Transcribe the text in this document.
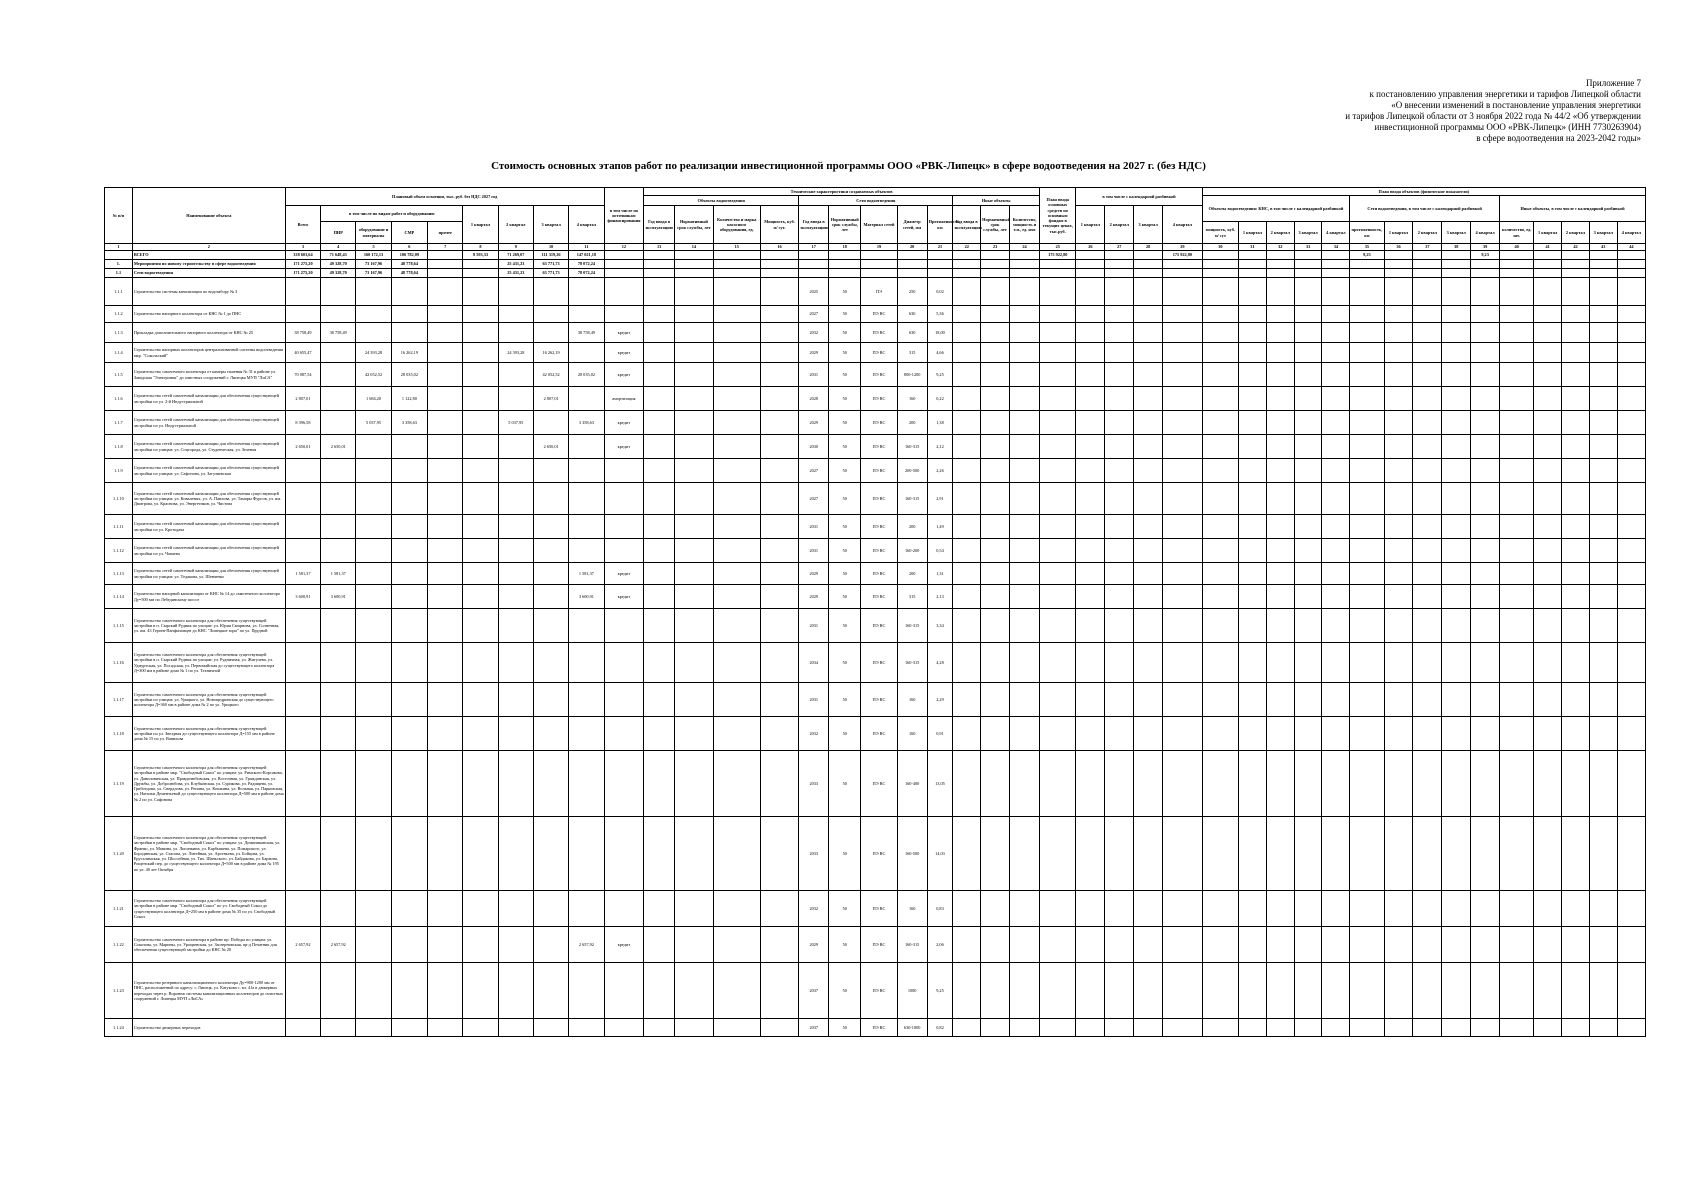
Приложение 7
к постановлению управления энергетики и тарифов Липецкой области
«О внесении изменений в постановление управления энергетики
и тарифов Липецкой области от 3 ноября 2022 года № 44/2 «Об утверждении
инвестиционной программы ООО «РВК-Липецк» (ИНН 7730263904)
в сфере водоотведения на 2023-2042 годы»
Стоимость основных этапов работ по реализации инвестиционной программы ООО «РВК-Липецк» в сфере водоотведения на 2027 г. (без НДС)
№ п/п	Наименование объекта	Плановый объем освоения, тыс. руб. без НДС 2027 год									в том числе по источникам финансирования	Технические характеристики создаваемых объектов												План ввода основных средств по основным фондам в текущих ценах, тыс.руб.	в том числе с календарной разбивкой				План ввода объектов (физические показатели)														
												Объекты водоотведения				Сети водоотведения					Иные объекты								Объекты водоотведения: КНС, в том числе с календарной разбивкой					Сети водоотведения, в том числе с календарной разбивкой					Иные объекты, в том числе с календарной разбивкой				
		Всего	в том числе по видам работ и оборудованию				1 квартал	2 квартал	3 квартал	4 квартал		Год ввода в эксплуатацию	Нормативный срок службы, лет	Количество и марка насосного оборудования, ед.	Мощность, куб. м/ сут.	Год ввода в эксплуатацию	Нормативный срок службы, лет	Материал сетей	Диаметр сетей, мм	Протяженность, км	Год ввода в эксплуатацию	Нормативный срок службы, лет	Количество, мощность и т.п., ед. изм		1 квартал	2 квартал	3 квартал	4 квартал															
			ПИР	оборудование и материалы	СМР	прочее																							мощность, куб. м/ сут	1 квартал	2 квартал	3 квартал	4 квартал	протяженность, км	1 квартал	2 квартал	3 квартал	4 квартал	количество, ед. шт.	1 квартал	2 квартал	3 квартал	4 квартал
1	2	3	4	5	6	7	8	9	10	11	12	13	14	15	16	17	18	19	20	21	22	23	24	25	26	27	28	29	30	31	32	33	34	35	36	37	38	39	40	41	42	43	44
	ВСЕГО	338 603,64	71 648,43	160 172,13	106 782,09		8 593,33	71 269,07	111 319,26	147 021,18														175 922,80				175 922,80						9,23				9,23					
1.	Мероприятия по новому строительству в сфере водоотведения	171 275,20	49 328,70	73 167,96	48 778,64			25 431,23	63 771,73	78 072,24																																	
1.1	Сети водоотведения	171 275,20	49 328,70	73 167,96	48 778,64			25 431,23	63 771,73	78 072,24																																	
1.1.1	Строительство системы канализации по водозабору № 3															2025	50	ПЭ	250	0,02																							
1.1.2	Строительство напорного коллектора от КНС № 1 до ПНС															2027	50	ПЭ RC	630	5,36																							
1.1.3	Прокладка дополнительного напорного коллектора от КНС № 25	38 758,49	38 758,49							38 758,49	кредит					2032	50	ПЭ RC	630	18,00																							
1.1.4	Строительство напорных коллекторов централизованной системы водоотведения мкр. "Сокольский"	40 655,47		24 393,28	16 262,19			24 393,28	16 262,19		кредит					2029	50	ПЭ RC	315	4,66																							
1.1.5	Строительство самотечного коллектора от камеры гашения № 31 в районе ул. Заводская "Электроник" до очистных сооружений г. Липецка МУП "ЛиСА"	70 087,54		42 052,52	28 035,02				42 052,52	28 035,02	кредит					2031	50	ПЭ RC	800-1200	9,25																							
1.1.6	Строительство сетей самотечной канализации для обеспечения существующей застройки по ул. 2-й Индустриальной	2 807,01		1 684,20	1 122,80				2 807,01		амортизация					2028	50	ПЭ RC	160	0,22																							
1.1.7	Строительство сетей самотечной канализации для обеспечения существующей застройки по ул. Индустриальной	8 396,58		5 037,95	3 358,63			5 037,95		3 358,63	кредит					2029	50	ПЭ RC	200	1,38																							
1.1.8	Строительство сетей самотечной канализации для обеспечения существующей застройки по улицам: ул. Соцгорода, ул. Студенческая, ул. Зеленая	2 650,01	2 650,01						2 650,01		кредит					2030	50	ПЭ RC	160-315	2,12																							
1.1.9	Строительство сетей самотечной канализации для обеспечения существующей застройки по улицам: ул. Сафонова, ул. Загуляевская															2027	50	ПЭ RC	200-500	2,26																							
1.1.10	Строительство сетей самотечной канализации для обеспечения существующей застройки по улицам: ул. Ковалевых, ул. А. Павлова, ул. Тамары Фурсов, ул. им. Дмитрова, ул. Краснова, ул. Энергетиков, ул. Чистова															2027	50	ПЭ RC	160-315	2,91																							
1.1.11	Строительство сетей самотечной канализации для обеспечения существующей застройки по ул. Кротодача															2031	50	ПЭ RC	200	1,49																							
1.1.12	Строительство сетей самотечной канализации для обеспечения существующей застройки по ул. Чапаева															2031	50	ПЭ RC	160-200	0,54																							
1.1.13	Строительство сетей самотечной канализации для обеспечения существующей застройки по улицам: ул. Тедакова, ул. Шевченко	1 581,37	1 581,37							1 581,37	кредит					2029	50	ПЭ RC	200	1,31																							
1.1.14	Строительство напорной канализации от КНС № 14 до самотечного коллектора Ду=500 мм по Лебедянскому шоссе	3 600,91	3 600,91							3 600,91	кредит					2029	50	ПЭ RC	315	2,13																							
1.1.15	Строительство самотечного коллектора для обеспечения существующей застройки в п. Сырский Рудник по улицам: ул. Юрия Смирнова, ул. Солнечная, ул. им. 43 Героев-Панфиловцев до КНС "Липецкие зори" по ул. Прудной															2031	50	ПЭ RC	160-315	3,34																							
1.1.16	Строительство самотечного коллектора для обеспечения существующей застройки в п. Сырский Рудник по улицам: ул. Рудничная, ул. Жигулева, ул. Удмуртская, ул. Посадская, ул. Первомайская до существующего коллектора Д=300 мм в районе дома № 1 по ул. Техничной															2034	50	ПЭ RC	160-315	4,28																							
1.1.17	Строительство самотечного коллектора для обеспечения существующей застройки по улицам: ул. Урицкого, ул. Новощедринская до существующего коллектора Д=360 мм в районе дома № 2 по ул. Урицкого															2031	50	ПЭ RC	160	2,29																							
1.1.18	Строительство самотечного коллектора для обеспечения существующей застройки по ул. Звездная до существующего коллектора Д=155 мм в районе дома № 15 по ул. Вавилова															2032	50	ПЭ RC	160	0,91																							
1.1.19	Строительство самотечного коллектора для обеспечения существующей застройки в районе мкр. "Свободный Сокол" по улицам: ул. Римского-Корсакова, ул. Даниловичская, ул. Правдолюбовская, ул. Восточная, ул. Гражданская, ул. Дружбы, ул. Добролюбова, ул. Клубковская, ул. Сурикова, ул. Радищева, ул. Грибоедова, ул. Свердлова, ул. Репина, ул. Кошкина, ул. Вольная, ул. Парковская, ул. Натальи Дементьевой до существующего коллектора Д=500 мм в районе дома № 2 по ул. Сафонова															2033	50	ПЭ RC	160-400	13,05																							
1.1.20	Строительство самотечного коллектора для обеспечения существующей застройки в районе мкр. "Свободный Сокол" по улицам: ул. Доминиканская, ул. Франко, ул. Мамина, ул. Лисичкина, ул. Карбышева, ул. Пожарского, ул. Бородинская, ул. Стасова, ул. Литейная, ул. Арсеньева, ул. Бойцова, ул. Ерусалимская, ул. Шоссейная, ул. Тих. Шаньского, ул. Байдакова, ул. Барзина, Рощенский пер. до существующего коллектора Д=500 мм в районе дома № 195 по ул. 40 лет Октября															2033	50	ПЭ RC	160-500	14,03																							
1.1.21	Строительство самотечного коллектора для обеспечения существующей застройки в районе мкр. "Свободный Сокол" по ул. Свободный Сокол до существующего коллектора Д=250 мм в районе дома № 35 по ул. Свободный Сокол															2032	50	ПЭ RC	160	0,83																							
1.1.22	Строительство самотечного коллектора в районе пр. Победы по улицам: ул. Соколова, ул. Марины, ул. Уроцкевская, ул. Заозерновская, пр-д Печатник для обеспечения существующей застройки до КНС № 20	2 657,92	2 657,92							2 657,92	кредит					2029	50	ПЭ RC	160-315	2,06																							
1.1.23	Строительство резервного канализационного коллектора Ду=900-1200 мм от ПНС, расположенной по адресу: г. Липецк, ул. Катукова с. вл. 41а в дюкерных переходах через р. Воронеж системы канализационных коллекторов до очистных сооружений г. Липецка МУП «ЛиСА»															2037	50	ПЭ RC	1000	9,25																							
1.1.24	Строительство дюкерных переходов															2037	50	ПЭ RC	630-1000	0,82																							
